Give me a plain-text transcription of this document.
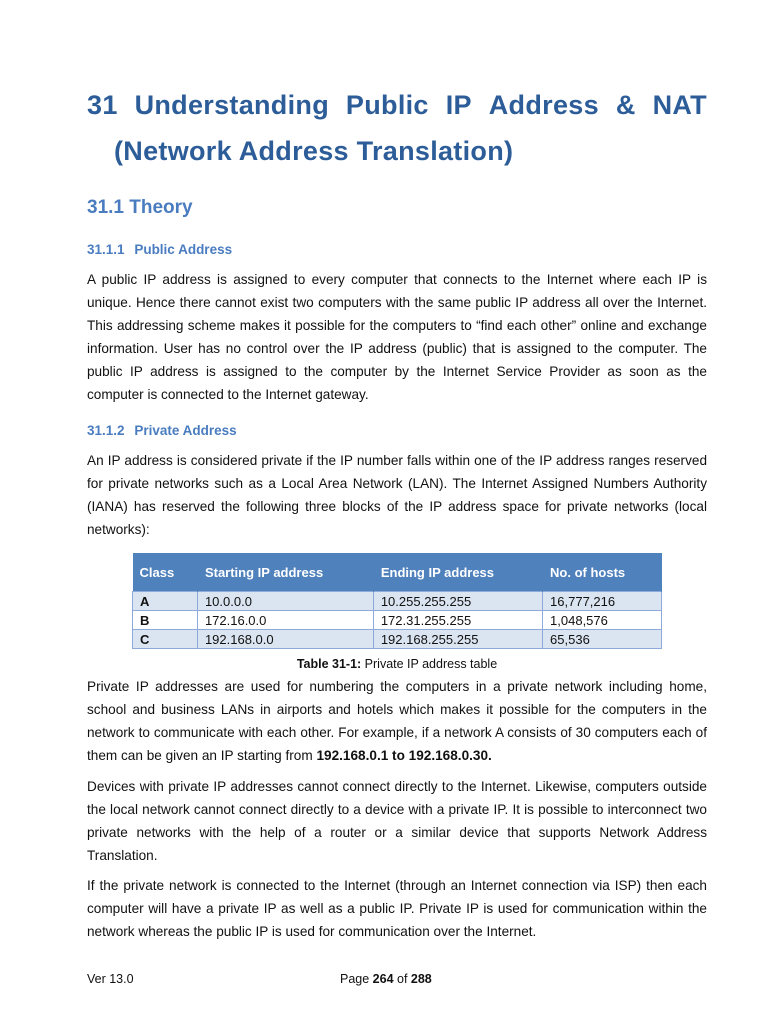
31 Understanding Public IP Address & NAT
(Network Address Translation)
31.1 Theory
31.1.1 Public Address
A public IP address is assigned to every computer that connects to the Internet where each IP is unique. Hence there cannot exist two computers with the same public IP address all over the Internet. This addressing scheme makes it possible for the computers to “find each other” online and exchange information. User has no control over the IP address (public) that is assigned to the computer. The public IP address is assigned to the computer by the Internet Service Provider as soon as the computer is connected to the Internet gateway.
31.1.2 Private Address
An IP address is considered private if the IP number falls within one of the IP address ranges reserved for private networks such as a Local Area Network (LAN). The Internet Assigned Numbers Authority (IANA) has reserved the following three blocks of the IP address space for private networks (local networks):
Class	Starting IP address	Ending IP address	No. of hosts
A	10.0.0.0	10.255.255.255	16,777,216
B	172.16.0.0	172.31.255.255	1,048,576
C	192.168.0.0	192.168.255.255	65,536
Table 31-1: Private IP address table
Private IP addresses are used for numbering the computers in a private network including home, school and business LANs in airports and hotels which makes it possible for the computers in the network to communicate with each other. For example, if a network A consists of 30 computers each of them can be given an IP starting from 192.168.0.1 to 192.168.0.30.
Devices with private IP addresses cannot connect directly to the Internet. Likewise, computers outside the local network cannot connect directly to a device with a private IP. It is possible to interconnect two private networks with the help of a router or a similar device that supports Network Address Translation.
If the private network is connected to the Internet (through an Internet connection via ISP) then each computer will have a private IP as well as a public IP. Private IP is used for communication within the network whereas the public IP is used for communication over the Internet.
Ver 13.0	Page 264 of 288
